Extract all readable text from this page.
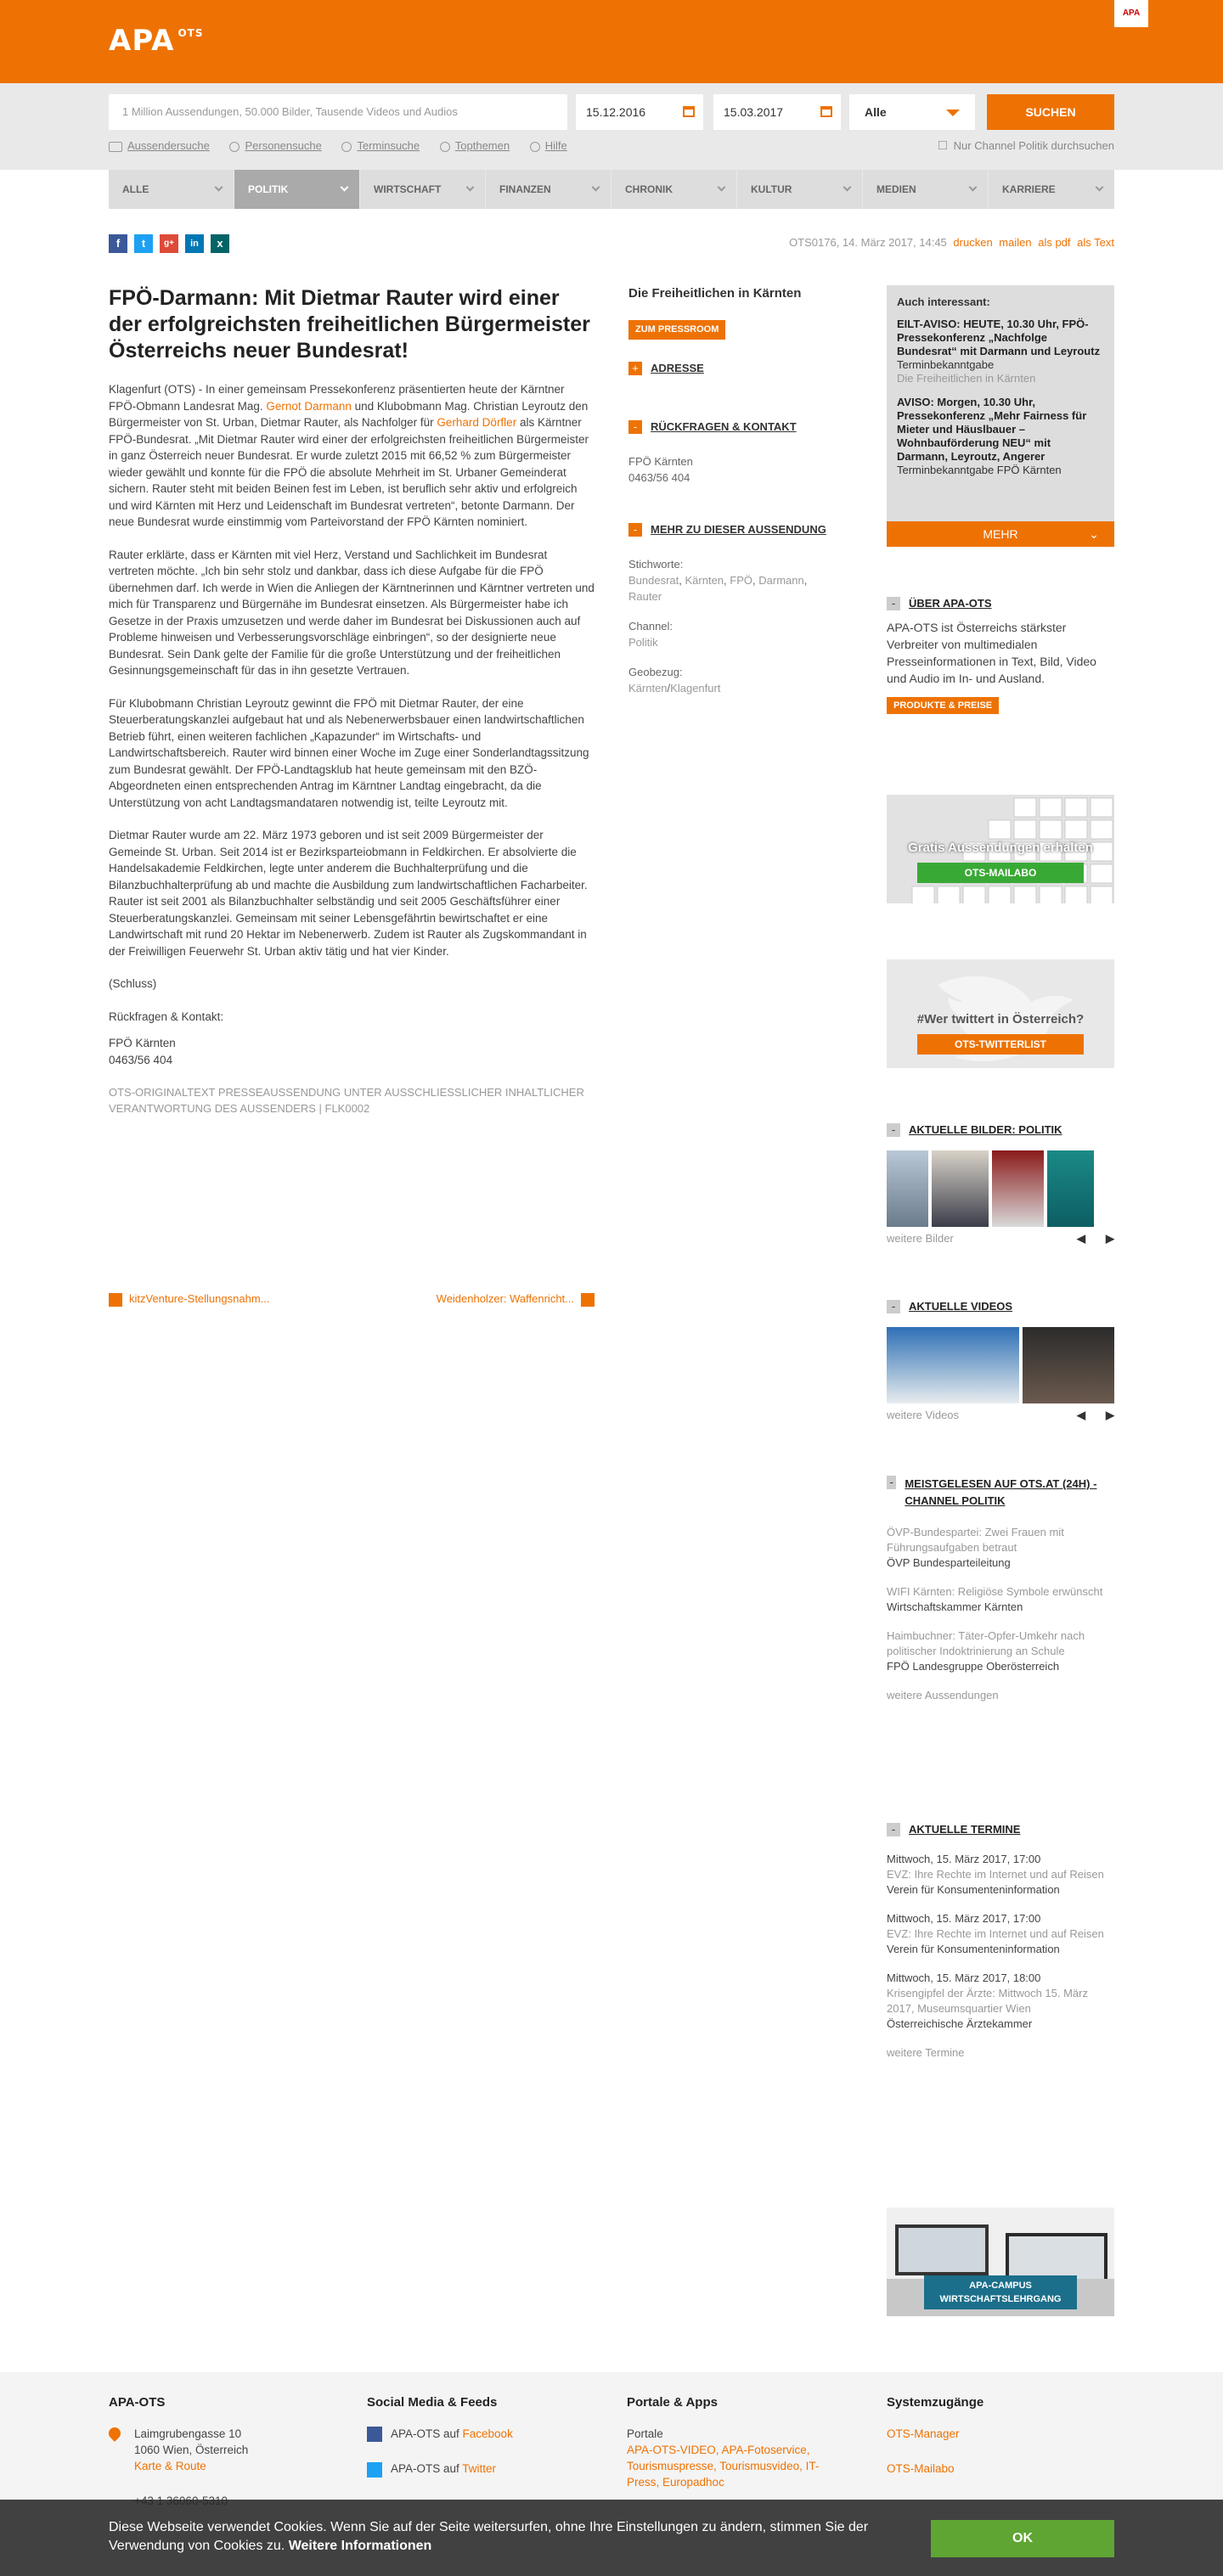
APA $^{OTS}$
APA
1 Million Aussendungen, 50.000 Bilder, Tausende Videos und Audios	15.12.2016	15.03.2017	Alle	SUCHEN
Aussendersuche	Personensuche	Terminsuche	Topthemen	Hilfe	Nur Channel Politik durchsuchen
ALLE	POLITIK	WIRTSCHAFT	FINANZEN	CHRONIK	KULTUR	MEDIEN	KARRIERE
f	t	g+	in	x	OTS0176, 14. März 2017, 14:45 drucken mailen als pdf als Text
FPÖ-Darmann: Mit Dietmar Rauter wird einer der erfolgreichsten freiheitlichen Bürgermeister Österreichs neuer Bundesrat!

Klagenfurt (OTS) - In einer gemeinsam Pressekonferenz präsentierten heute der Kärntner FPÖ-Obmann Landesrat Mag. Gernot Darmann und Klubobmann Mag. Christian Leyroutz den Bürgermeister von St. Urban, Dietmar Rauter, als Nachfolger für Gerhard Dörfler als Kärntner FPÖ-Bundesrat. „Mit Dietmar Rauter wird einer der erfolgreichsten freiheitlichen Bürgermeister in ganz Österreich neuer Bundesrat. Er wurde zuletzt 2015 mit 66,52 % zum Bürgermeister wieder gewählt und konnte für die FPÖ die absolute Mehrheit im St. Urbaner Gemeinderat sichern. Rauter steht mit beiden Beinen fest im Leben, ist beruflich sehr aktiv und erfolgreich und wird Kärnten mit Herz und Leidenschaft im Bundesrat vertreten“, betonte Darmann. Der neue Bundesrat wurde einstimmig vom Parteivorstand der FPÖ Kärnten nominiert.

Rauter erklärte, dass er Kärnten mit viel Herz, Verstand und Sachlichkeit im Bundesrat vertreten möchte. „Ich bin sehr stolz und dankbar, dass ich diese Aufgabe für die FPÖ übernehmen darf. Ich werde in Wien die Anliegen der Kärntnerinnen und Kärntner vertreten und mich für Transparenz und Bürgernähe im Bundesrat einsetzen. Als Bürgermeister habe ich Gesetze in der Praxis umzusetzen und werde daher im Bundesrat bei Diskussionen auch auf Probleme hinweisen und Verbesserungsvorschläge einbringen“, so der designierte neue Bundesrat. Sein Dank gelte der Familie für die große Unterstützung und der freiheitlichen Gesinnungsgemeinschaft für das in ihn gesetzte Vertrauen.

Für Klubobmann Christian Leyroutz gewinnt die FPÖ mit Dietmar Rauter, der eine Steuerberatungskanzlei aufgebaut hat und als Nebenerwerbsbauer einen landwirtschaftlichen Betrieb führt, einen weiteren fachlichen „Kapazunder“ im Wirtschafts- und Landwirtschaftsbereich. Rauter wird binnen einer Woche im Zuge einer Sonderlandtagssitzung zum Bundesrat gewählt. Der FPÖ-Landtagsklub hat heute gemeinsam mit den BZÖ-Abgeordneten einen entsprechenden Antrag im Kärntner Landtag eingebracht, da die Unterstützung von acht Landtagsmandataren notwendig ist, teilte Leyroutz mit.

Dietmar Rauter wurde am 22. März 1973 geboren und ist seit 2009 Bürgermeister der Gemeinde St. Urban. Seit 2014 ist er Bezirksparteiobmann in Feldkirchen. Er absolvierte die Handelsakademie Feldkirchen, legte unter anderem die Buchhalterprüfung und die Bilanzbuchhalterprüfung ab und machte die Ausbildung zum landwirtschaftlichen Facharbeiter. Rauter ist seit 2001 als Bilanzbuchhalter selbständig und seit 2005 Geschäftsführer einer Steuerberatungskanzlei. Gemeinsam mit seiner Lebensgefährtin bewirtschaftet er eine Landwirtschaft mit rund 20 Hektar im Nebenerwerb. Zudem ist Rauter als Zugskommandant in der Freiwilligen Feuerwehr St. Urban aktiv tätig und hat vier Kinder.

(Schluss)

Rückfragen & Kontakt:

FPÖ Kärnten
0463/56 404

OTS-ORIGINALTEXT PRESSEAUSSENDUNG UNTER AUSSCHLIESSLICHER INHALTLICHER VERANTWORTUNG DES AUSSENDERS | FLK0002

kitzVenture-Stellungsnahm...	Weidenholzer: Waffenricht...
Die Freiheitlichen in Kärnten
ZUM PRESSROOM
+ ADRESSE
- RÜCKFRAGEN & KONTAKT
FPÖ Kärnten
0463/56 404
- MEHR ZU DIESER AUSSENDUNG
Stichworte:
Bundesrat, Kärnten, FPÖ, Darmann,
Rauter
Channel:
Politik
Geobezug:
Kärnten/Klagenfurt
Auch interessant:
EILT-AVISO: HEUTE, 10.30 Uhr, FPÖ-Pressekonferenz „Nachfolge Bundesrat“ mit Darmann und Leyroutz
Terminbekanntgabe
Die Freiheitlichen in Kärnten
AVISO: Morgen, 10.30 Uhr, Pressekonferenz „Mehr Fairness für Mieter und Häuslbauer – Wohnbauförderung NEU“ mit Darmann, Leyroutz, Angerer
Terminbekanntgabe FPÖ Kärnten
MEHR	⌄
- ÜBER APA-OTS
APA-OTS ist Österreichs stärkster Verbreiter von multimedialen Presseinformationen in Text, Bild, Video und Audio im In- und Ausland.
PRODUKTE & PREISE
Gratis Aussendungen erhalten
OTS-MAILABO
#Wer twittert in Österreich?
OTS-TWITTERLIST
- AKTUELLE BILDER: POLITIK
weitere Bilder	◀ ▶
- AKTUELLE VIDEOS
weitere Videos	◀ ▶
- MEISTGELESEN AUF OTS.AT (24H) - CHANNEL POLITIK
ÖVP-Bundespartei: Zwei Frauen mit Führungsaufgaben betraut
ÖVP Bundesparteileitung
WIFI Kärnten: Religiöse Symbole erwünscht
Wirtschaftskammer Kärnten
Haimbuchner: Täter-Opfer-Umkehr nach politischer Indoktrinierung an Schule
FPÖ Landesgruppe Oberösterreich
weitere Aussendungen
- AKTUELLE TERMINE
Mittwoch, 15. März 2017, 17:00
EVZ: Ihre Rechte im Internet und auf Reisen
Verein für Konsumenteninformation
Mittwoch, 15. März 2017, 17:00
EVZ: Ihre Rechte im Internet und auf Reisen
Verein für Konsumenteninformation
Mittwoch, 15. März 2017, 18:00
Krisengipfel der Ärzte: Mittwoch 15. März 2017, Museumsquartier Wien
Österreichische Ärztekammer
weitere Termine
APA-CAMPUS
WIRTSCHAFTSLEHRGANG
APA-OTS
Laimgrubengasse 10
1060 Wien, Österreich
Karte & Route
Social Media & Feeds
APA-OTS auf Facebook
APA-OTS auf Twitter
Portale & Apps
Portale
APA-OTS-VIDEO, APA-Fotoservice, Tourismuspresse, Tourismusvideo, IT-Press, Europadhoc
Systemzugänge
OTS-Manager
OTS-Mailabo
Diese Webseite verwendet Cookies. Wenn Sie auf der Seite weitersurfen, ohne Ihre Einstellungen zu ändern, stimmen Sie der Verwendung von Cookies zu. Weitere Informationen
OK
